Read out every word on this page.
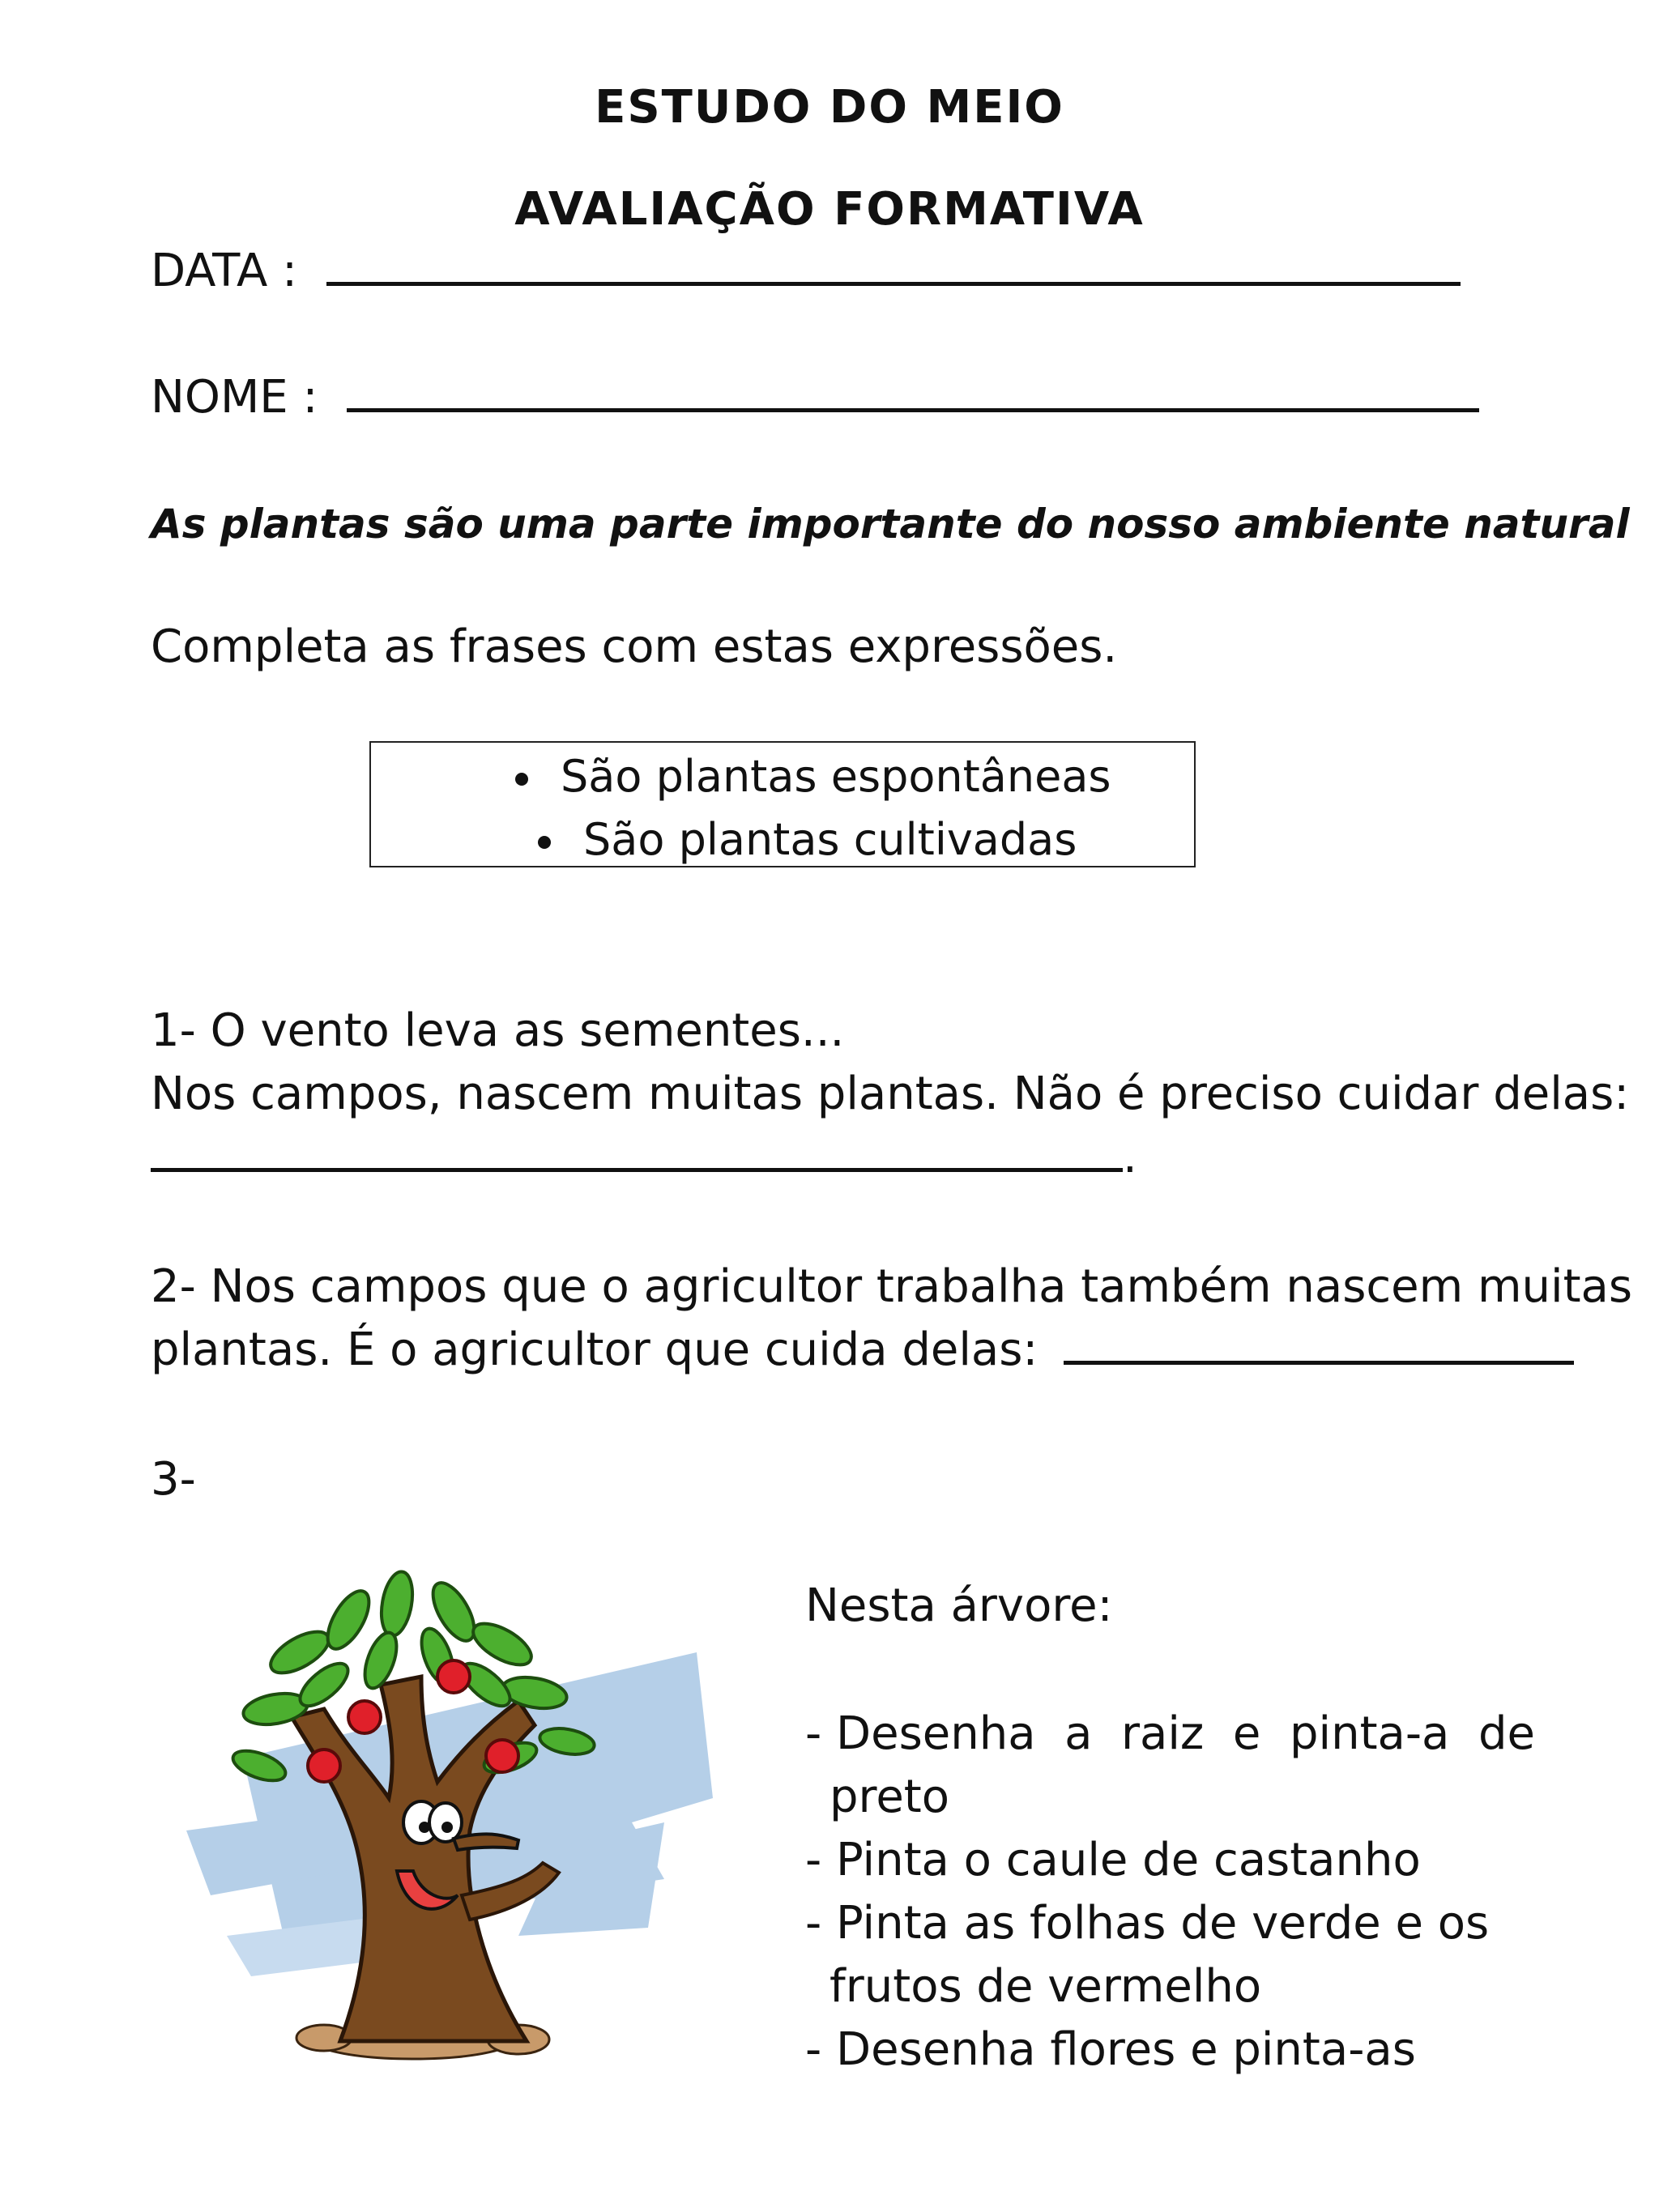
ESTUDO DO MEIO
AVALIAÇÃO FORMATIVA
DATA :
NOME :
As plantas são uma parte importante do nosso ambiente natural
Completa as frases com estas expressões.
São plantas espontâneas
São plantas cultivadas
1- O vento leva as sementes...
Nos campos, nascem muitas plantas. Não é preciso cuidar delas:
.
2- Nos campos que o agricultor trabalha também nascem muitas
plantas. É o agricultor que cuida delas:
3-
Nesta árvore:
- Desenha  a  raiz  e  pinta-a  de
preto
- Pinta o caule de castanho
- Pinta as folhas de verde e os
frutos de vermelho
- Desenha flores e pinta-as
